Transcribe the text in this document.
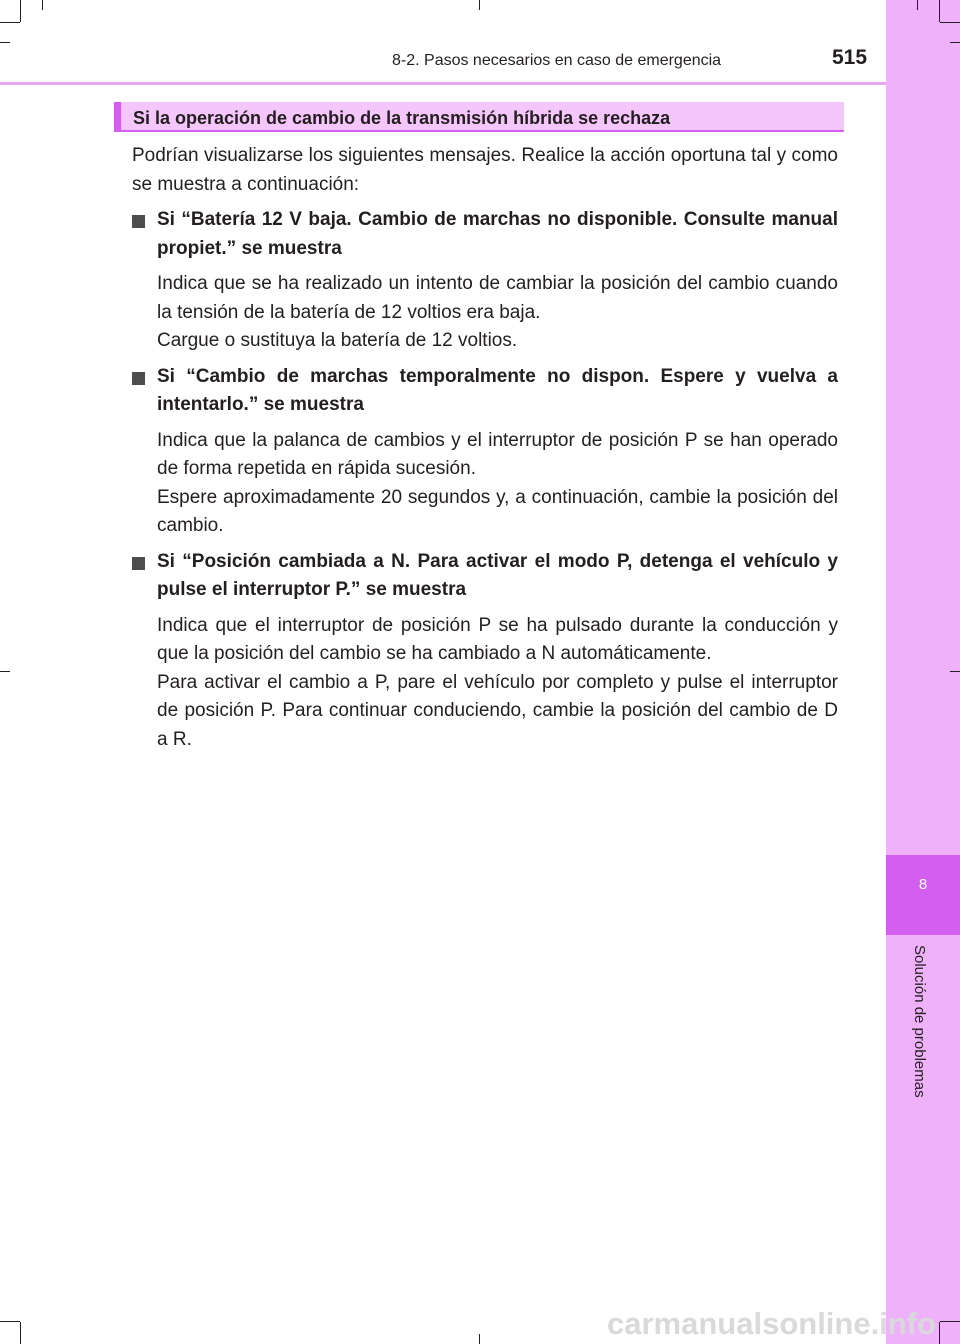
8
Solución de problemas
8-2. Pasos necesarios en caso de emergencia	515
Si la operación de cambio de la transmisión híbrida se rechaza

Podrían visualizarse los siguientes mensajes. Realice la acción oportuna tal y como se muestra a continuación:

Si “Batería 12 V baja. Cambio de marchas no disponible. Consulte manual propiet.” se muestra

Indica que se ha realizado un intento de cambiar la posición del cambio cuando la tensión de la batería de 12 voltios era baja.

Cargue o sustituya la batería de 12 voltios.

Si “Cambio de marchas temporalmente no dispon. Espere y vuelva a intentarlo.” se muestra

Indica que la palanca de cambios y el interruptor de posición P se han operado de forma repetida en rápida sucesión.

Espere aproximadamente 20 segundos y, a continuación, cambie la posición del cambio.

Si “Posición cambiada a N. Para activar el modo P, detenga el vehículo y pulse el interruptor P.” se muestra

Indica que el interruptor de posición P se ha pulsado durante la conducción y que la posición del cambio se ha cambiado a N automáticamente.

Para activar el cambio a P, pare el vehículo por completo y pulse el interruptor de posición P. Para continuar conduciendo, cambie la posición del cambio de D a R.

carmanualsonline.info
